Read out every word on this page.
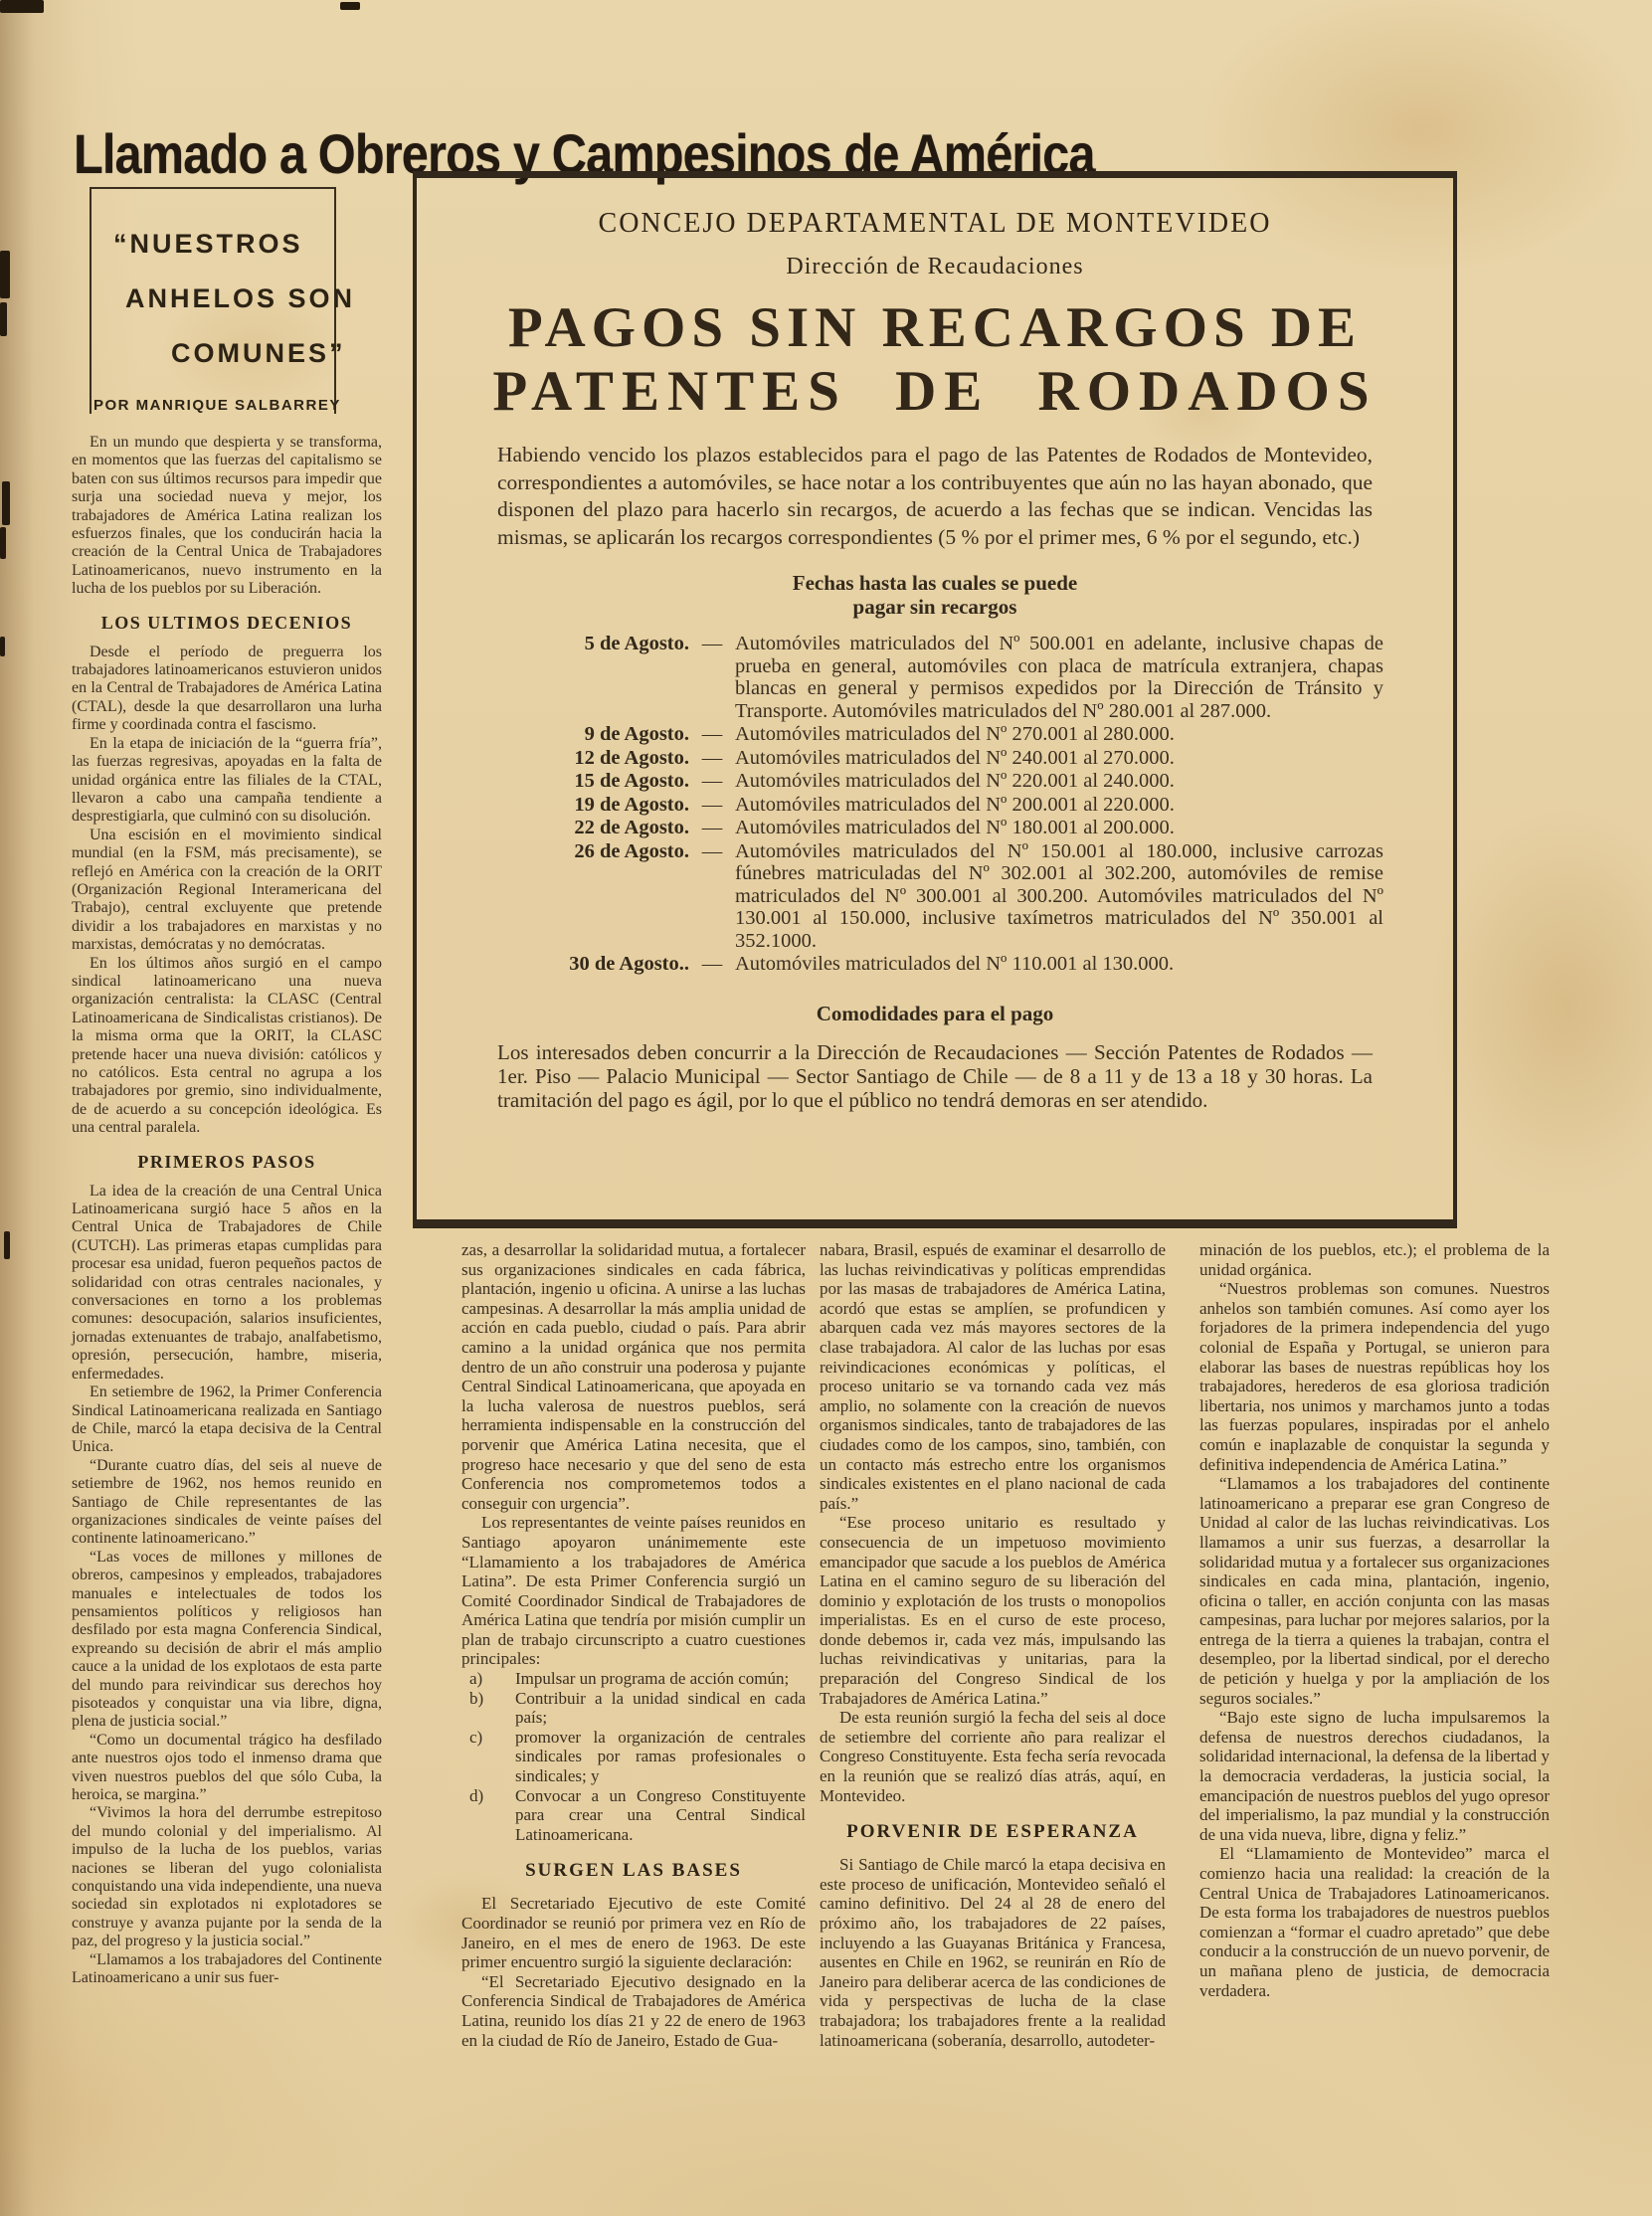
Llamado a Obreros y Campesinos de América
“NUESTROS
ANHELOS SON
COMUNES”
POR MANRIQUE SALBARREY

En un mundo que despierta y se transforma, en momentos que las fuerzas del capitalismo se baten con sus últimos recursos para impedir que surja una sociedad nueva y mejor, los trabajadores de América Latina realizan los esfuerzos finales, que los conducirán hacia la creación de la Central Unica de Trabajadores Latinoamericanos, nuevo instrumento en la lucha de los pueblos por su Liberación.

LOS ULTIMOS DECENIOS

Desde el período de preguerra los trabajadores latinoamericanos estuvieron unidos en la Central de Trabajadores de América Latina (CTAL), desde la que desarrollaron una lurha firme y coordinada contra el fascismo.

En la etapa de iniciación de la “guerra fría”, las fuerzas regresivas, apoyadas en la falta de unidad orgánica entre las filiales de la CTAL, llevaron a cabo una campaña tendiente a desprestigiarla, que culminó con su disolución.

Una escisión en el movimiento sindical mundial (en la FSM, más precisamente), se reflejó en América con la creación de la ORIT (Organización Regional Interamericana del Trabajo), central excluyente que pretende dividir a los trabajadores en marxistas y no marxistas, demócratas y no demócratas.

En los últimos años surgió en el campo sindical latinoamericano una nueva organización centralista: la CLASC (Central Latinoamericana de Sindicalistas cristianos). De la misma orma que la ORIT, la CLASC pretende hacer una nueva división: católicos y no católicos. Esta central no agrupa a los trabajadores por gremio, sino individualmente, de de acuerdo a su concepción ideológica. Es una central paralela.

PRIMEROS PASOS

La idea de la creación de una Central Unica Latinoamericana surgió hace 5 años en la Central Unica de Trabajadores de Chile (CUTCH). Las primeras etapas cumplidas para procesar esa unidad, fueron pequeños pactos de solidaridad con otras centrales nacionales, y conversaciones en torno a los problemas comunes: desocupación, salarios insuficientes, jornadas extenuantes de trabajo, analfabetismo, opresión, persecución, hambre, miseria, enfermedades.

En setiembre de 1962, la Primer Conferencia Sindical Latinoamericana realizada en Santiago de Chile, marcó la etapa decisiva de la Central Unica.

“Durante cuatro días, del seis al nueve de setiembre de 1962, nos hemos reunido en Santiago de Chile representantes de las organizaciones sindicales de veinte países del continente latinoamericano.”

“Las voces de millones y millones de obreros, campesinos y empleados, trabajadores manuales e intelectuales de todos los pensamientos políticos y religiosos han desfilado por esta magna Conferencia Sindical, expreando su decisión de abrir el más amplio cauce a la unidad de los explotaos de esta parte del mundo para reivindicar sus derechos hoy pisoteados y conquistar una via libre, digna, plena de justicia social.”

“Como un documental trágico ha desfilado ante nuestros ojos todo el inmenso drama que viven nuestros pueblos del que sólo Cuba, la heroica, se margina.”

“Vivimos la hora del derrumbe estrepitoso del mundo colonial y del imperialismo. Al impulso de la lucha de los pueblos, varias naciones se liberan del yugo colonialista conquistando una vida independiente, una nueva sociedad sin explotados ni explotadores se construye y avanza pujante por la senda de la paz, del progreso y la justicia social.”

“Llamamos a los trabajadores del Continente Latinoamericano a unir sus fuer-

CONCEJO DEPARTAMENTAL DE MONTEVIDEO
Dirección de Recaudaciones
PAGOS SIN RECARGOS DE
PATENTES DE RODADOS

Habiendo vencido los plazos establecidos para el pago de las Patentes de Rodados de Montevideo, correspondientes a automóviles, se hace notar a los contribuyentes que aún no las hayan abonado, que disponen del plazo para hacerlo sin recargos, de acuerdo a las fechas que se indican. Vencidas las mismas, se aplicarán los recargos correspondientes (5 % por el primer mes, 6 % por el segundo, etc.)

Fechas hasta las cuales se puede
pagar sin recargos
5 de Agosto. — Automóviles matriculados del Nº 500.001 en adelante, inclusive chapas de prueba en general, automóviles con placa de matrícula extranjera, chapas blancas en general y permisos expedidos por la Dirección de Tránsito y Transporte. Automóviles matriculados del Nº 280.001 al 287.000.
9 de Agosto. — Automóviles matriculados del Nº 270.001 al 280.000.
12 de Agosto. — Automóviles matriculados del Nº 240.001 al 270.000.
15 de Agosto. — Automóviles matriculados del Nº 220.001 al 240.000.
19 de Agosto. — Automóviles matriculados del Nº 200.001 al 220.000.
22 de Agosto. — Automóviles matriculados del Nº 180.001 al 200.000.
26 de Agosto. — Automóviles matriculados del Nº 150.001 al 180.000, inclusive carrozas fúnebres matriculadas del Nº 302.001 al 302.200, automóviles de remise matriculados del Nº 300.001 al 300.200. Automóviles matriculados del Nº 130.001 al 150.000, inclusive taxímetros matriculados del Nº 350.001 al 352.1000.
30 de Agosto.. — Automóviles matriculados del Nº 110.001 al 130.000.
Comodidades para el pago

Los interesados deben concurrir a la Dirección de Recaudaciones — Sección Patentes de Rodados — 1er. Piso — Palacio Municipal — Sector Santiago de Chile — de 8 a 11 y de 13 a 18 y 30 horas. La tramitación del pago es ágil, por lo que el público no tendrá demoras en ser atendido.

zas, a desarrollar la solidaridad mutua, a fortalecer sus organizaciones sindicales en cada fábrica, plantación, ingenio u oficina. A unirse a las luchas campesinas. A desarrollar la más amplia unidad de acción en cada pueblo, ciudad o país. Para abrir camino a la unidad orgánica que nos permita dentro de un año construir una poderosa y pujante Central Sindical Latinoamericana, que apoyada en la lucha valerosa de nuestros pueblos, será herramienta indispensable en la construcción del porvenir que América Latina necesita, que el progreso hace necesario y que del seno de esta Conferencia nos comprometemos todos a conseguir con urgencia”.

Los representantes de veinte países reunidos en Santiago apoyaron unánimemente este “Llamamiento a los trabajadores de América Latina”. De esta Primer Conferencia surgió un Comité Coordinador Sindical de Trabajadores de América Latina que tendría por misión cumplir un plan de trabajo circunscripto a cuatro cuestiones principales:

a)	Impulsar un programa de acción común;
b)	Contribuir a la unidad sindical en cada país;
c)	promover la organización de centrales sindicales por ramas profesionales o sindicales; y
d)	Convocar a un Congreso Constituyente para crear una Central Sindical Latinoamericana.
SURGEN LAS BASES

El Secretariado Ejecutivo de este Comité Coordinador se reunió por primera vez en Río de Janeiro, en el mes de enero de 1963. De este primer encuentro surgió la siguiente declaración:

“El Secretariado Ejecutivo designado en la Conferencia Sindical de Trabajadores de América Latina, reunido los días 21 y 22 de enero de 1963 en la ciudad de Río de Janeiro, Estado de Gua-

nabara, Brasil, espués de examinar el desarrollo de las luchas reivindicativas y políticas emprendidas por las masas de trabajadores de América Latina, acordó que estas se amplíen, se profundicen y abarquen cada vez más mayores sectores de la clase trabajadora. Al calor de las luchas por esas reivindicaciones económicas y políticas, el proceso unitario se va tornando cada vez más amplio, no solamente con la creación de nuevos organismos sindicales, tanto de trabajadores de las ciudades como de los campos, sino, también, con un contacto más estrecho entre los organismos sindicales existentes en el plano nacional de cada país.”

“Ese proceso unitario es resultado y consecuencia de un impetuoso movimiento emancipador que sacude a los pueblos de América Latina en el camino seguro de su liberación del dominio y explotación de los trusts o monopolios imperialistas. Es en el curso de este proceso, donde debemos ir, cada vez más, impulsando las luchas reivindicativas y unitarias, para la preparación del Congreso Sindical de los Trabajadores de América Latina.”

De esta reunión surgió la fecha del seis al doce de setiembre del corriente año para realizar el Congreso Constituyente. Esta fecha sería revocada en la reunión que se realizó días atrás, aquí, en Montevideo.

PORVENIR DE ESPERANZA

Si Santiago de Chile marcó la etapa decisiva en este proceso de unificación, Montevideo señaló el camino definitivo. Del 24 al 28 de enero del próximo año, los trabajadores de 22 países, incluyendo a las Guayanas Británica y Francesa, ausentes en Chile en 1962, se reunirán en Río de Janeiro para deliberar acerca de las condiciones de vida y perspectivas de lucha de la clase trabajadora; los trabajadores frente a la realidad latinoamericana (soberanía, desarrollo, autodeter-

minación de los pueblos, etc.); el problema de la unidad orgánica.

“Nuestros problemas son comunes. Nuestros anhelos son también comunes. Así como ayer los forjadores de la primera independencia del yugo colonial de España y Portugal, se unieron para elaborar las bases de nuestras repúblicas hoy los trabajadores, herederos de esa gloriosa tradición libertaria, nos unimos y marchamos junto a todas las fuerzas populares, inspiradas por el anhelo común e inaplazable de conquistar la segunda y definitiva independencia de América Latina.”

“Llamamos a los trabajadores del continente latinoamericano a preparar ese gran Congreso de Unidad al calor de las luchas reivindicativas. Los llamamos a unir sus fuerzas, a desarrollar la solidaridad mutua y a fortalecer sus organizaciones sindicales en cada mina, plantación, ingenio, oficina o taller, en acción conjunta con las masas campesinas, para luchar por mejores salarios, por la entrega de la tierra a quienes la trabajan, contra el desempleo, por la libertad sindical, por el derecho de petición y huelga y por la ampliación de los seguros sociales.”

“Bajo este signo de lucha impulsaremos la defensa de nuestros derechos ciudadanos, la solidaridad internacional, la defensa de la libertad y la democracia verdaderas, la justicia social, la emancipación de nuestros pueblos del yugo opresor del imperialismo, la paz mundial y la construcción de una vida nueva, libre, digna y feliz.”

El “Llamamiento de Montevideo” marca el comienzo hacia una realidad: la creación de la Central Unica de Trabajadores Latinoamericanos. De esta forma los trabajadores de nuestros pueblos comienzan a “formar el cuadro apretado” que debe conducir a la construcción de un nuevo porvenir, de un mañana pleno de justicia, de democracia verdadera.
